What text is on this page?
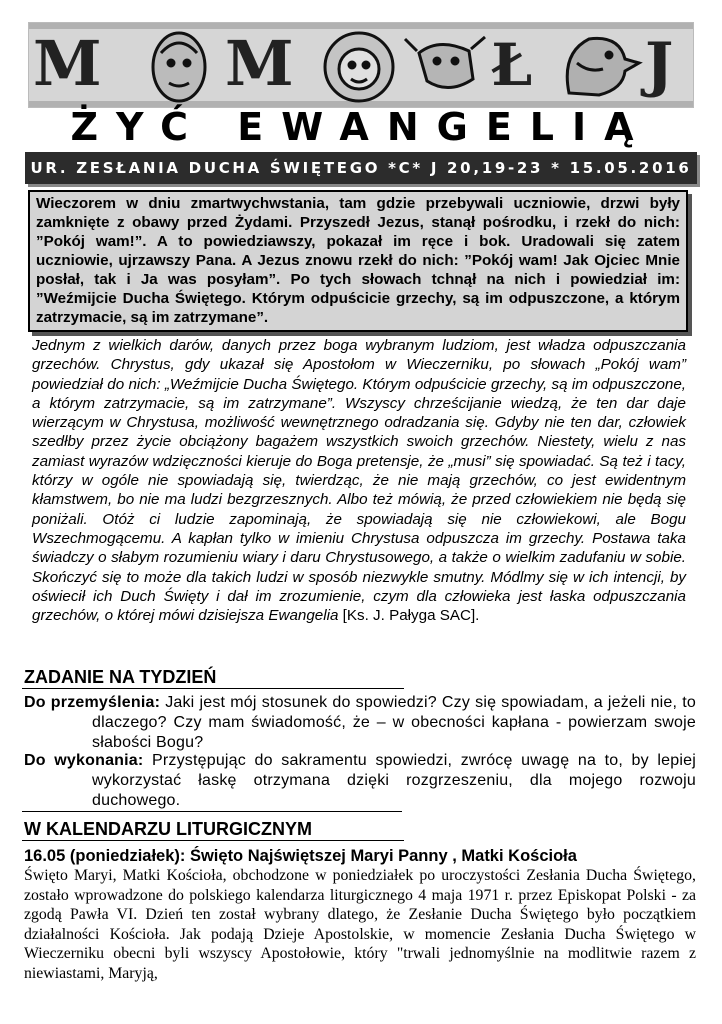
M M	Ł J
ŻYĆ EWANGELIĄ
UR. ZESŁANIA DUCHA ŚWIĘTEGO *C* J 20,19-23 * 15.05.2016
Wieczorem w dniu zmartwychwstania, tam gdzie przebywali uczniowie, drzwi były zamknięte z obawy przed Żydami. Przyszedł Jezus, stanął pośrodku, i rzekł do nich: ”Pokój wam!”. A to powiedziawszy, pokazał im ręce i bok. Uradowali się zatem uczniowie, ujrzawszy Pana. A Jezus znowu rzekł do nich: ”Pokój wam! Jak Ojciec Mnie posłał, tak i Ja was posyłam”. Po tych słowach tchnął na nich i powiedział im: ”Weźmijcie Ducha Świętego. Którym odpuścicie grzechy, są im odpuszczone, a którym zatrzymacie, są im zatrzymane”.
Jednym z wielkich darów, danych przez boga wybranym ludziom, jest władza odpuszczania grzechów. Chrystus, gdy ukazał się Apostołom w Wieczerniku, po słowach „Pokój wam” powiedział do nich: „Weźmijcie Ducha Świętego. Którym odpuścicie grzechy, są im odpuszczone, a którym zatrzymacie, są im zatrzymane”. Wszyscy chrześcijanie wiedzą, że ten dar daje wierzącym w Chrystusa, możliwość wewnętrznego odradzania się. Gdyby nie ten dar, człowiek szedłby przez życie obciążony bagażem wszystkich swoich grzechów. Niestety, wielu z nas zamiast wyrazów wdzięczności kieruje do Boga pretensje, że „musi” się spowiadać. Są też i tacy, którzy w ogóle nie spowiadają się, twierdząc, że nie mają grzechów, co jest ewidentnym kłamstwem, bo nie ma ludzi bezgrzesznych. Albo też mówią, że przed człowiekiem nie będą się poniżali. Otóż ci ludzie zapominają, że spowiadają się nie człowiekowi, ale Bogu Wszechmogącemu. A kapłan tylko w imieniu Chrystusa odpuszcza im grzechy. Postawa taka świadczy o słabym rozumieniu wiary i daru Chrystusowego, a także o wielkim zadufaniu w sobie. Skończyć się to może dla takich ludzi w sposób niezwykle smutny. Módlmy się w ich intencji, by oświecił ich Duch Święty i dał im zrozumienie, czym dla człowieka jest łaska odpuszczania grzechów, o której mówi dzisiejsza Ewangelia [Ks. J. Pałyga SAC].
ZADANIE NA TYDZIEŃ
Do przemyślenia: Jaki jest mój stosunek do spowiedzi? Czy się spowiadam, a jeżeli nie, to dlaczego? Czy mam świadomość, że – w obecności kapłana - powierzam swoje słabości Bogu?
Do wykonania: Przystępując do sakramentu spowiedzi, zwrócę uwagę na to, by lepiej wykorzystać łaskę otrzymana dzięki rozgrzeszeniu, dla mojego rozwoju duchowego.
W KALENDARZU LITURGICZNYM
16.05 (poniedziałek): Święto Najświętszej Maryi Panny , Matki Kościoła
Święto Maryi, Matki Kościoła, obchodzone w poniedziałek po uroczystości Zesłania Ducha Świętego, zostało wprowadzone do polskiego kalendarza liturgicznego 4 maja 1971 r. przez Episkopat Polski - za zgodą Pawła VI. Dzień ten został wybrany dlatego, że Zesłanie Ducha Świętego było początkiem działalności Kościoła. Jak podają Dzieje Apostolskie, w momencie Zesłania Ducha Świętego w Wieczerniku obecni byli wszyscy Apostołowie, który "trwali jednomyślnie na modlitwie razem z niewiastami, Maryją,
